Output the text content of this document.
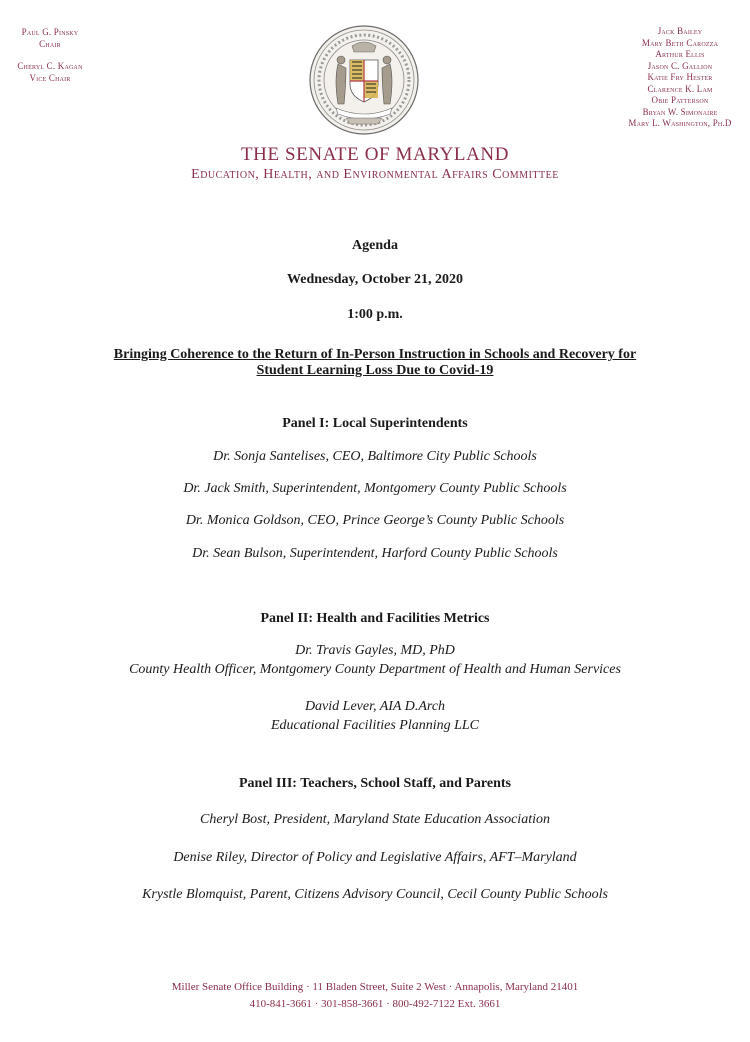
Paul G. Pinsky
Chair
Cheryl C. Kagan
Vice Chair
Jack Bailey
Mary Beth Carozza
Arthur Ellis
Jason C. Gallion
Katie Fry Hester
Clarence K. Lam
Obie Patterson
Bryan W. Simonaire
Mary L. Washington, Ph.D
THE SENATE OF MARYLAND
Education, Health, and Environmental Affairs Committee
Agenda
Wednesday, October 21, 2020
1:00 p.m.
Bringing Coherence to the Return of In-Person Instruction in Schools and Recovery for
Student Learning Loss Due to Covid-19
Panel I: Local Superintendents
Dr. Sonja Santelises, CEO, Baltimore City Public Schools
Dr. Jack Smith, Superintendent, Montgomery County Public Schools
Dr. Monica Goldson, CEO, Prince George’s County Public Schools
Dr. Sean Bulson, Superintendent, Harford County Public Schools
Panel II: Health and Facilities Metrics
Dr. Travis Gayles, MD, PhD
County Health Officer, Montgomery County Department of Health and Human Services
David Lever, AIA D.Arch
Educational Facilities Planning LLC
Panel III: Teachers, School Staff, and Parents
Cheryl Bost, President, Maryland State Education Association
Denise Riley, Director of Policy and Legislative Affairs, AFT–Maryland
Krystle Blomquist, Parent, Citizens Advisory Council, Cecil County Public Schools
Miller Senate Office Building · 11 Bladen Street, Suite 2 West · Annapolis, Maryland 21401
410-841-3661 · 301-858-3661 · 800-492-7122 Ext. 3661
